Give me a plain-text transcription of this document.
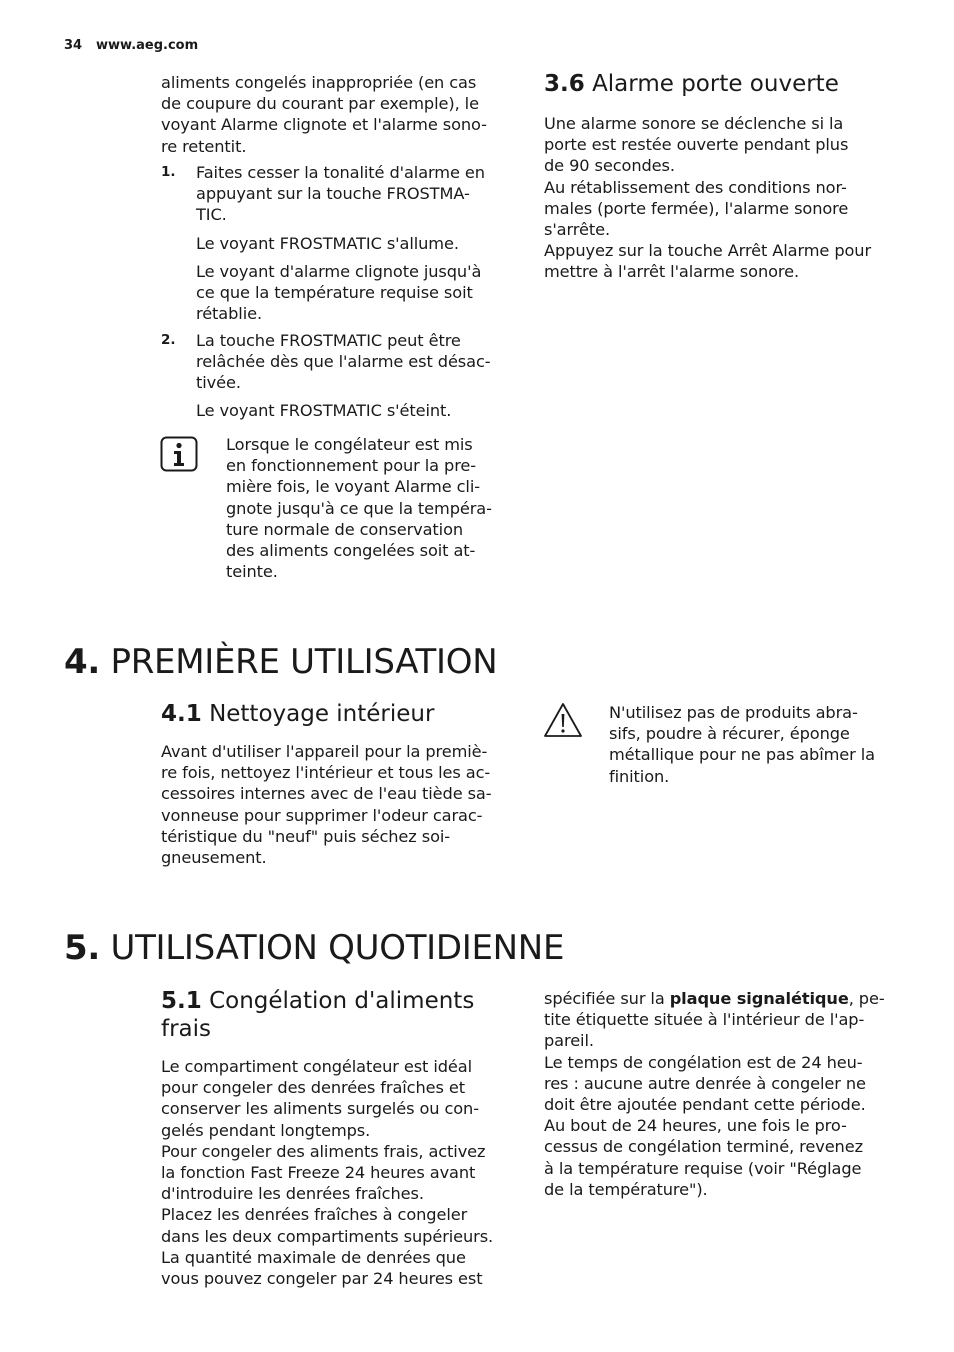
34 www.aeg.com
aliments congelés inappropriée (en cas
de coupure du courant par exemple), le
voyant Alarme clignote et l'alarme sono-
re retentit.
1. Faites cesser la tonalité d'alarme en
appuyant sur la touche FROSTMA-
TIC.
Le voyant FROSTMATIC s'allume.
Le voyant d'alarme clignote jusqu'à
ce que la température requise soit
rétablie.
2. La touche FROSTMATIC peut être
relâchée dès que l'alarme est désac-
tivée.
Le voyant FROSTMATIC s'éteint.
Lorsque le congélateur est mis
en fonctionnement pour la pre-
mière fois, le voyant Alarme cli-
gnote jusqu'à ce que la tempéra-
ture normale de conservation
des aliments congelées soit at-
teinte.
3.6 Alarme porte ouverte
Une alarme sonore se déclenche si la
porte est restée ouverte pendant plus
de 90 secondes.
Au rétablissement des conditions nor-
males (porte fermée), l'alarme sonore
s'arrête.
Appuyez sur la touche Arrêt Alarme pour
mettre à l'arrêt l'alarme sonore.
4. PREMIÈRE UTILISATION
4.1 Nettoyage intérieur
Avant d'utiliser l'appareil pour la premiè-
re fois, nettoyez l'intérieur et tous les ac-
cessoires internes avec de l'eau tiède sa-
vonneuse pour supprimer l'odeur carac-
téristique du "neuf" puis séchez soi-
gneusement.
N'utilisez pas de produits abra-
sifs, poudre à récurer, éponge
métallique pour ne pas abîmer la
finition.
5. UTILISATION QUOTIDIENNE
5.1 Congélation d'aliments
frais
Le compartiment congélateur est idéal
pour congeler des denrées fraîches et
conserver les aliments surgelés ou con-
gelés pendant longtemps.
Pour congeler des aliments frais, activez
la fonction Fast Freeze 24 heures avant
d'introduire les denrées fraîches.
Placez les denrées fraîches à congeler
dans les deux compartiments supérieurs.
La quantité maximale de denrées que
vous pouvez congeler par 24 heures est
spécifiée sur la plaque signalétique, pe-
tite étiquette située à l'intérieur de l'ap-
pareil.
Le temps de congélation est de 24 heu-
res : aucune autre denrée à congeler ne
doit être ajoutée pendant cette période.
Au bout de 24 heures, une fois le pro-
cessus de congélation terminé, revenez
à la température requise (voir "Réglage
de la température").
